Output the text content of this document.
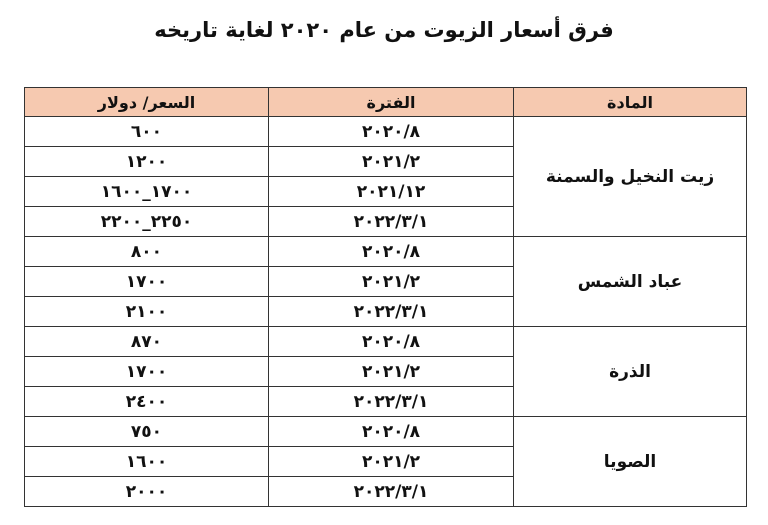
فرق أسعار الزيوت من عام ٢٠٢٠ لغاية تاريخه
المادة	الفترة	السعر/ دولار
زيت النخيل والسمنة	٢٠٢٠/٨	٦٠٠
	٢٠٢١/٢	١٢٠٠
	٢٠٢١/١٢	١٧٠٠_١٦٠٠
	٢٠٢٢/٣/١	٢٢٥٠_٢٢٠٠
عباد الشمس	٢٠٢٠/٨	٨٠٠
	٢٠٢١/٢	١٧٠٠
	٢٠٢٢/٣/١	٢١٠٠
الذرة	٢٠٢٠/٨	٨٧٠
	٢٠٢١/٢	١٧٠٠
	٢٠٢٢/٣/١	٢٤٠٠
الصويا	٢٠٢٠/٨	٧٥٠
	٢٠٢١/٢	١٦٠٠
	٢٠٢٢/٣/١	٢٠٠٠
